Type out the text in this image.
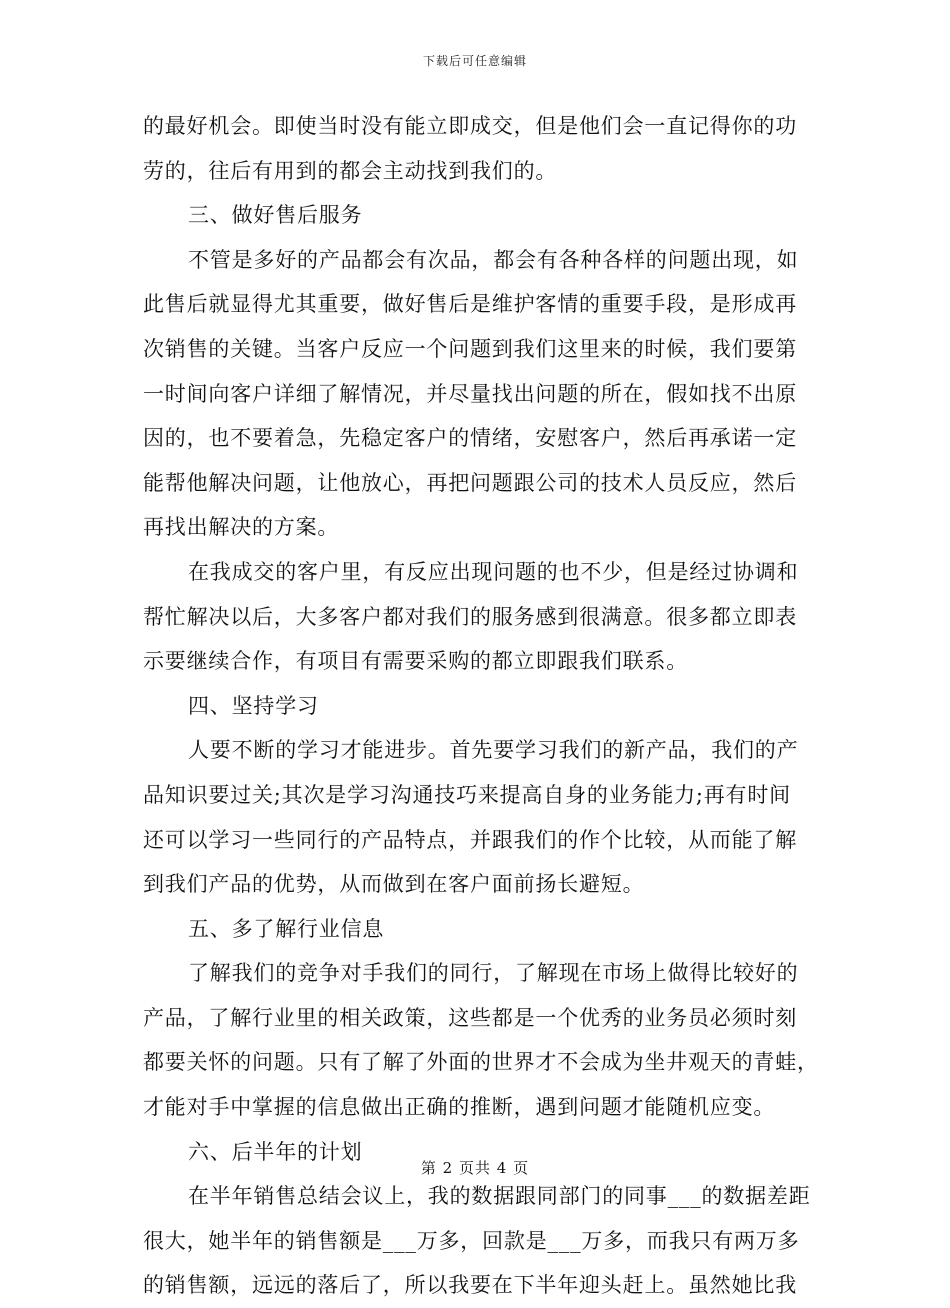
下载后可任意编辑
的最好机会。即使当时没有能立即成交，但是他们会一直记得你的功
劳的，往后有用到的都会主动找到我们的。
三、做好售后服务
不管是多好的产品都会有次品，都会有各种各样的问题出现，如
此售后就显得尤其重要，做好售后是维护客情的重要手段，是形成再
次销售的关键。当客户反应一个问题到我们这里来的时候，我们要第
一时间向客户详细了解情况，并尽量找出问题的所在，假如找不出原
因的，也不要着急，先稳定客户的情绪，安慰客户，然后再承诺一定
能帮他解决问题，让他放心，再把问题跟公司的技术人员反应，然后
再找出解决的方案。
在我成交的客户里，有反应出现问题的也不少，但是经过协调和
帮忙解决以后，大多客户都对我们的服务感到很满意。很多都立即表
示要继续合作，有项目有需要采购的都立即跟我们联系。
四、坚持学习
人要不断的学习才能进步。首先要学习我们的新产品，我们的产
品知识要过关;其次是学习沟通技巧来提高自身的业务能力;再有时间
还可以学习一些同行的产品特点，并跟我们的作个比较，从而能了解
到我们产品的优势，从而做到在客户面前扬长避短。
五、多了解行业信息
了解我们的竞争对手我们的同行，了解现在市场上做得比较好的
产品，了解行业里的相关政策，这些都是一个优秀的业务员必须时刻
都要关怀的问题。只有了解了外面的世界才不会成为坐井观天的青蛙，
才能对手中掌握的信息做出正确的推断，遇到问题才能随机应变。
六、后半年的计划
在半年销售总结会议上，我的数据跟同部门的同事___的数据差距
很大，她半年的销售额是___万多，回款是___万多，而我只有两万多
的销售额，远远的落后了，所以我要在下半年迎头赶上。虽然她比我
第 2 页共 4 页
